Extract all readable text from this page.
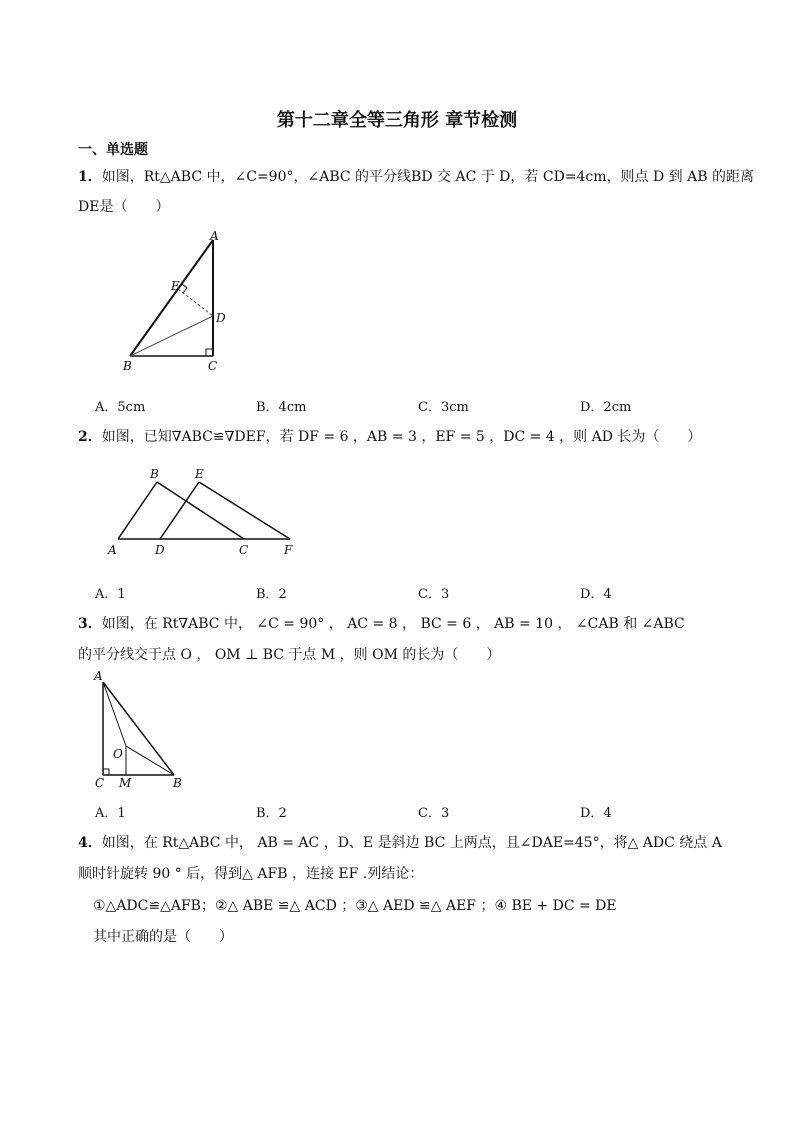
第十二章全等三角形 章节检测
一、单选题
1．如图，Rt△ABC 中，∠C=90°，∠ABC 的平分线BD 交 AC 于 D，若 CD=4cm，则点 D 到 AB 的距离
DE是（　　）
A
B	C
D
E
A．5cm	B．4cm	C．3cm	D．2cm
2．如图，已知∇ABC≌∇DEF，若 DF = 6 ，AB = 3 ，EF = 5 ，DC = 4 ，则 AD 长为（　　）
B	E
A	D	C	F
A．1	B．2	C．3	D．4
3．如图，在 Rt∇ABC 中， ∠C = 90° ， AC = 8 ， BC = 6 ， AB = 10 ， ∠CAB 和 ∠ABC
的平分线交于点 O ， OM ⊥ BC 于点 M ，则 OM 的长为（　　）
A
O
C M	B
A．1	B．2	C．3	D．4
4．如图，在 Rt△ABC 中， AB = AC ，D、E 是斜边 BC 上两点，且∠DAE=45°，将△ ADC 绕点 A
顺时针旋转 90 ° 后，得到△ AFB ，连接 EF .列结论：
①△ADC≌△AFB；②△ ABE ≌△ ACD ；③△ AED ≌△ AEF ；④ BE + DC = DE
其中正确的是（　　）
